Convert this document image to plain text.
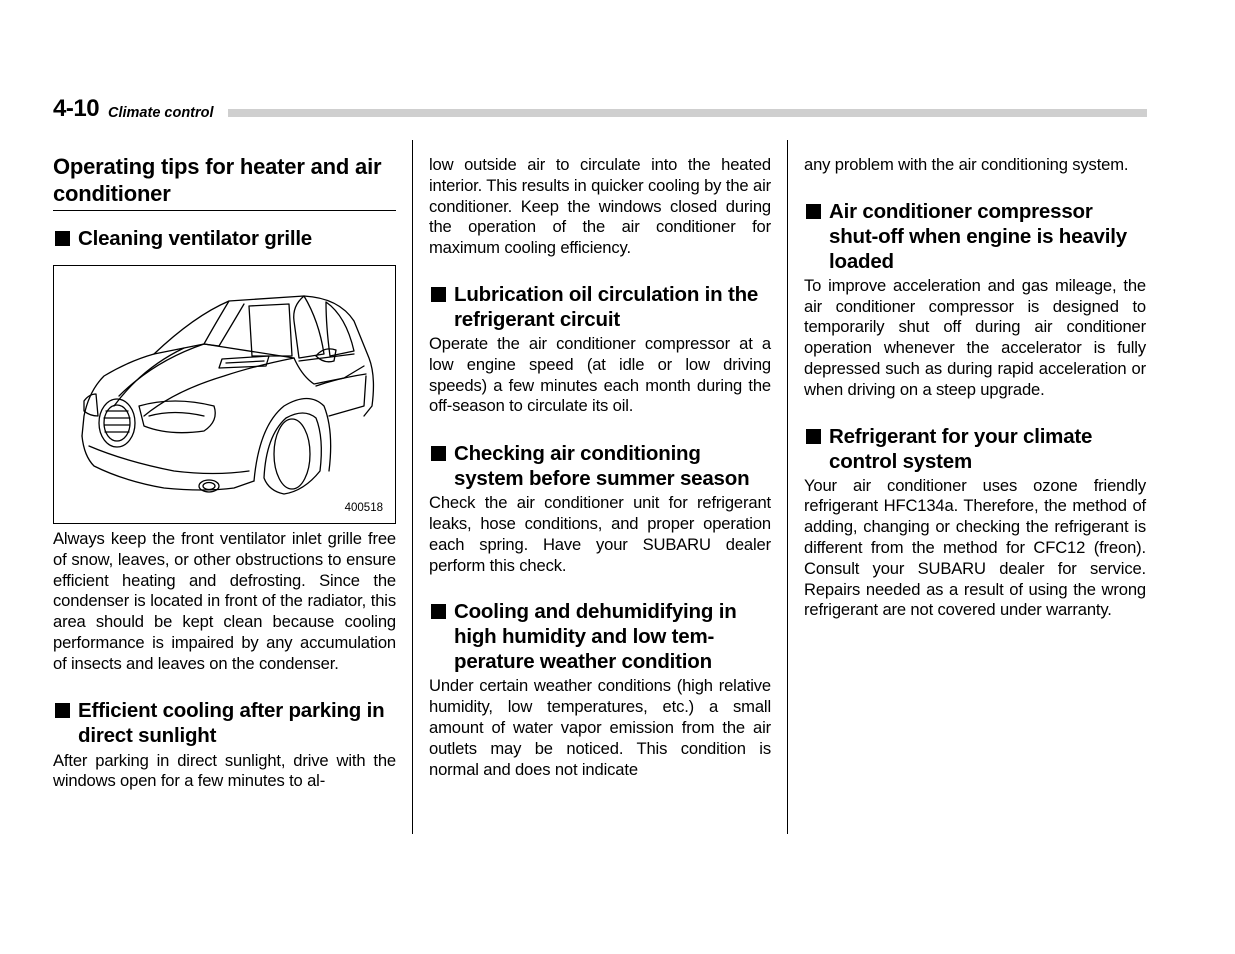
4-10 Climate control
Operating tips for heater and air conditioner
Cleaning ventilator grille
400518

Always keep the front ventilator inlet grille free of snow, leaves, or other obstructions to ensure efficient heating and defrosting. Since the condenser is located in front of the radiator, this area should be kept clean because cooling performance is impaired by any accumulation of insects and leaves on the condenser.

Efficient cooling after parking in direct sunlight

After parking in direct sunlight, drive with the windows open for a few minutes to al-

low outside air to circulate into the heated interior. This results in quicker cooling by the air conditioner. Keep the windows closed during the operation of the air conditioner for maximum cooling efficiency.

Lubrication oil circulation in the refrigerant circuit

Operate the air conditioner compressor at a low engine speed (at idle or low driving speeds) a few minutes each month during the off-season to circulate its oil.

Checking air conditioning system before summer season

Check the air conditioner unit for refrigerant leaks, hose conditions, and proper operation each spring. Have your SUBARU dealer perform this check.

Cooling and dehumidifying in high humidity and low temperature weather condition

Under certain weather conditions (high relative humidity, low temperatures, etc.) a small amount of water vapor emission from the air outlets may be noticed. This condition is normal and does not indicate

any problem with the air conditioning system.

Air conditioner compressor shut-off when engine is heavily loaded

To improve acceleration and gas mileage, the air conditioner compressor is designed to temporarily shut off during air conditioner operation whenever the accelerator is fully depressed such as during rapid acceleration or when driving on a steep upgrade.

Refrigerant for your climate control system

Your air conditioner uses ozone friendly refrigerant HFC134a. Therefore, the method of adding, changing or checking the refrigerant is different from the method for CFC12 (freon). Consult your SUBARU dealer for service. Repairs needed as a result of using the wrong refrigerant are not covered under warranty.
